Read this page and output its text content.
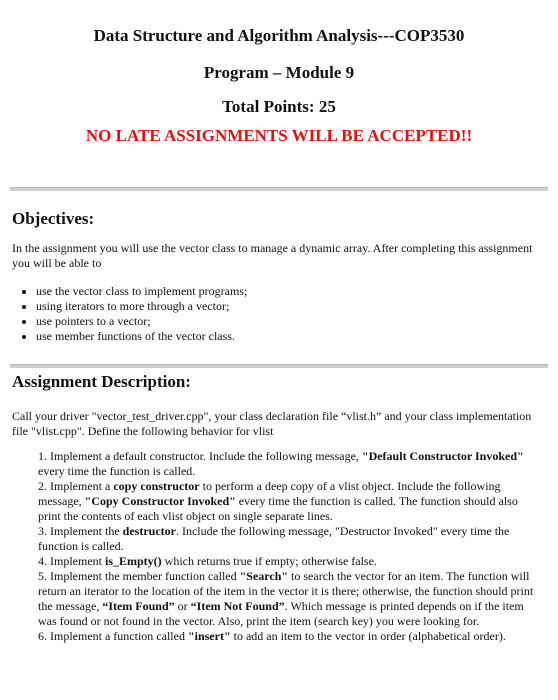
Data Structure and Algorithm Analysis---COP3530
Program – Module 9
Total Points: 25
NO LATE ASSIGNMENTS WILL BE ACCEPTED!!
Objectives:
In the assignment you will use the vector class to manage a dynamic array. After completing this assignment you will be able to
• use the vector class to implement programs;
• using iterators to more through a vector;
• use pointers to a vector;
• use member functions of the vector class.
Assignment Description:
Call your driver "vector_test_driver.cpp", your class declaration file “vlist.h” and your class implementation file "vlist.cpp". Define the following behavior for vlist

1. Implement a default constructor. Include the following message, "Default Constructor Invoked" every time the function is called.

2. Implement a copy constructor to perform a deep copy of a vlist object. Include the following message, "Copy Constructor Invoked" every time the function is called. The function should also print the contents of each vlist object on single separate lines.

3. Implement the destructor. Include the following message, "Destructor Invoked" every time the function is called.

4. Implement is_Empty() which returns true if empty; otherwise false.

5. Implement the member function called "Search" to search the vector for an item. The function will return an iterator to the location of the item in the vector it is there; otherwise, the function should print the message, “Item Found” or “Item Not Found”. Which message is printed depends on if the item was found or not found in the vector. Also, print the item (search key) you were looking for.

6. Implement a function called "insert" to add an item to the vector in order (alphabetical order).
